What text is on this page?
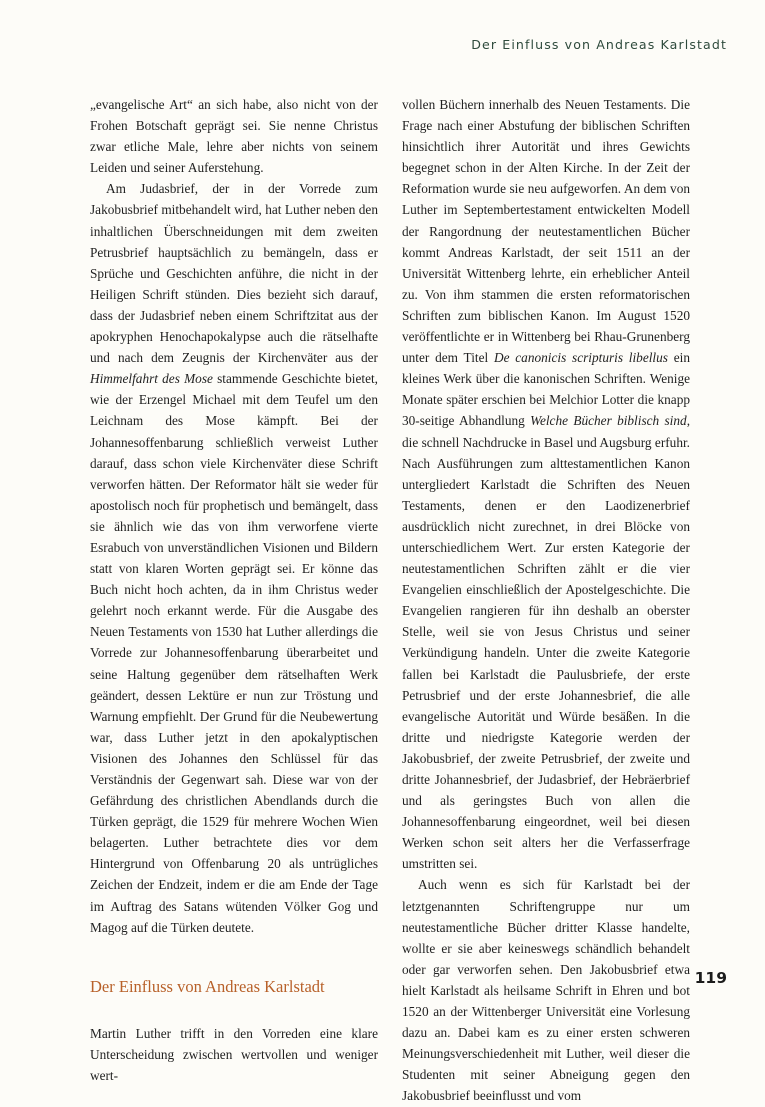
Der Einfluss von Andreas Karlstadt

„evangelische Art“ an sich habe, also nicht von der Frohen Botschaft geprägt sei. Sie nenne Christus zwar etliche Male, lehre aber nichts von seinem Leiden und seiner Auferstehung.

Am Judasbrief, der in der Vorrede zum Jakobusbrief mitbehandelt wird, hat Luther neben den inhaltlichen Überschneidungen mit dem zweiten Petrusbrief hauptsächlich zu bemängeln, dass er Sprüche und Geschichten anführe, die nicht in der Heiligen Schrift stünden. Dies bezieht sich darauf, dass der Judasbrief neben einem Schriftzitat aus der apokryphen Henochapokalypse auch die rätselhafte und nach dem Zeugnis der Kirchenväter aus der Himmelfahrt des Mose stammende Geschichte bietet, wie der Erzengel Michael mit dem Teufel um den Leichnam des Mose kämpft. Bei der Johannesoffenbarung schließlich verweist Luther darauf, dass schon viele Kirchenväter diese Schrift verworfen hätten. Der Reformator hält sie weder für apostolisch noch für prophetisch und bemängelt, dass sie ähnlich wie das von ihm verworfene vierte Esrabuch von unverständlichen Visionen und Bildern statt von klaren Worten geprägt sei. Er könne das Buch nicht hoch achten, da in ihm Christus weder gelehrt noch erkannt werde. Für die Ausgabe des Neuen Testaments von 1530 hat Luther allerdings die Vorrede zur Johannesoffenbarung überarbeitet und seine Haltung gegenüber dem rätselhaften Werk geändert, dessen Lektüre er nun zur Tröstung und Warnung empfiehlt. Der Grund für die Neubewertung war, dass Luther jetzt in den apokalyptischen Visionen des Johannes den Schlüssel für das Verständnis der Gegenwart sah. Diese war von der Gefährdung des christlichen Abendlands durch die Türken geprägt, die 1529 für mehrere Wochen Wien belagerten. Luther betrachtete dies vor dem Hintergrund von Offenbarung 20 als untrügliches Zeichen der Endzeit, indem er die am Ende der Tage im Auftrag des Satans wütenden Völker Gog und Magog auf die Türken deutete.

Der Einfluss von Andreas Karlstadt

Martin Luther trifft in den Vorreden eine klare Unterscheidung zwischen wertvollen und weniger wert-

vollen Büchern innerhalb des Neuen Testaments. Die Frage nach einer Abstufung der biblischen Schriften hinsichtlich ihrer Autorität und ihres Gewichts begegnet schon in der Alten Kirche. In der Zeit der Reformation wurde sie neu aufgeworfen. An dem von Luther im Septembertestament entwickelten Modell der Rangordnung der neutestamentlichen Bücher kommt Andreas Karlstadt, der seit 1511 an der Universität Wittenberg lehrte, ein erheblicher Anteil zu. Von ihm stammen die ersten reformatorischen Schriften zum biblischen Kanon. Im August 1520 veröffentlichte er in Wittenberg bei Rhau-Grunenberg unter dem Titel De canonicis scripturis libellus ein kleines Werk über die kanonischen Schriften. Wenige Monate später erschien bei Melchior Lotter die knapp 30-seitige Abhandlung Welche Bücher biblisch sind, die schnell Nachdrucke in Basel und Augsburg erfuhr. Nach Ausführungen zum alttestamentlichen Kanon untergliedert Karlstadt die Schriften des Neuen Testaments, denen er den Laodizenerbrief ausdrücklich nicht zurechnet, in drei Blöcke von unterschiedlichem Wert. Zur ersten Kategorie der neutestamentlichen Schriften zählt er die vier Evangelien einschließlich der Apostelgeschichte. Die Evangelien rangieren für ihn deshalb an oberster Stelle, weil sie von Jesus Christus und seiner Verkündigung handeln. Unter die zweite Kategorie fallen bei Karlstadt die Paulusbriefe, der erste Petrusbrief und der erste Johannesbrief, die alle evangelische Autorität und Würde besäßen. In die dritte und niedrigste Kategorie werden der Jakobusbrief, der zweite Petrusbrief, der zweite und dritte Johannesbrief, der Judasbrief, der Hebräerbrief und als geringstes Buch von allen die Johannesoffenbarung eingeordnet, weil bei diesen Werken schon seit alters her die Verfasserfrage umstritten sei.

Auch wenn es sich für Karlstadt bei der letztgenannten Schriftengruppe nur um neutestamentliche Bücher dritter Klasse handelte, wollte er sie aber keineswegs schändlich behandelt oder gar verworfen sehen. Den Jakobusbrief etwa hielt Karlstadt als heilsame Schrift in Ehren und bot 1520 an der Wittenberger Universität eine Vorlesung dazu an. Dabei kam es zu einer ersten schweren Meinungsverschiedenheit mit Luther, weil dieser die Studenten mit seiner Abneigung gegen den Jakobusbrief beeinflusst und vom

119
